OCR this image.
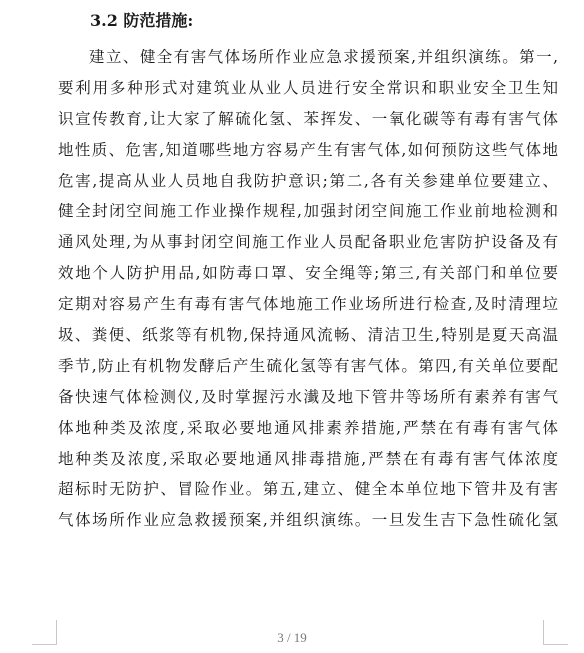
3.2 防范措施:
建立、健全有害气体场所作业应急求援预案,并组织演练。第一,
要利用多种形式对建筑业从业人员进行安全常识和职业安全卫生知
识宣传教育,让大家了解硫化氢、苯挥发、一氧化碳等有毒有害气体
地性质、危害,知道哪些地方容易产生有害气体,如何预防这些气体地
危害,提高从业人员地自我防护意识;第二,各有关参建单位要建立、
健全封闭空间施工作业操作规程,加强封闭空间施工作业前地检测和
通风处理,为从事封闭空间施工作业人员配备职业危害防护设备及有
效地个人防护用品,如防毒口罩、安全绳等;第三,有关部门和单位要
定期对容易产生有毒有害气体地施工作业场所进行检查,及时清理垃
圾、粪便、纸浆等有机物,保持通风流畅、清洁卫生,特别是夏天高温
季节,防止有机物发酵后产生硫化氢等有害气体。第四,有关单位要配
备快速气体检测仪,及时掌握污水瀐及地下管井等场所有素养有害气
体地种类及浓度,采取必要地通风排素养措施,严禁在有毒有害气体
地种类及浓度,采取必要地通风排毒措施,严禁在有毒有害气体浓度
超标时无防护、冒险作业。第五,建立、健全本单位地下管井及有害
气体场所作业应急救援预案,并组织演练。一旦发生吉下急性硫化氢
3 / 19
